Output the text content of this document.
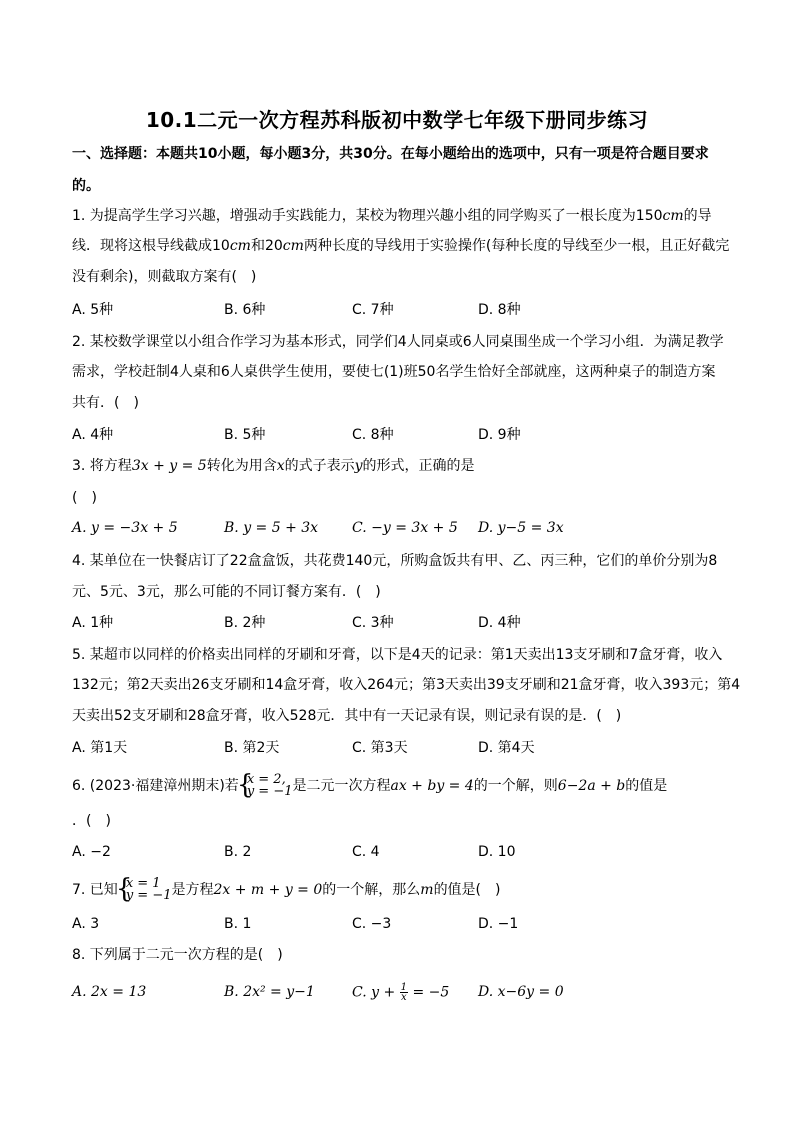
10.1二元一次方程苏科版初中数学七年级下册同步练习
一、选择题：本题共10小题，每小题3分，共30分。在每小题给出的选项中，只有一项是符合题目要求
的。
1. 为提高学生学习兴趣，增强动手实践能力，某校为物理兴趣小组的同学购买了一根长度为150cm的导
线．现将这根导线截成10cm和20cm两种长度的导线用于实验操作(每种长度的导线至少一根，且正好截完
没有剩余)，则截取方案有(　)
A. 5种	B. 6种	C. 7种	D. 8种
2. 某校数学课堂以小组合作学习为基本形式，同学们4人同桌或6人同桌围坐成一个学习小组．为满足教学
需求，学校赶制4人桌和6人桌供学生使用，要使七(1)班50名学生恰好全部就座，这两种桌子的制造方案
共有．(　)
A. 4种	B. 5种	C. 8种	D. 9种
3. 将方程3x + y = 5转化为用含x的式子表示y的形式，正确的是
(　)
A. y = −3x + 5	B. y = 5 + 3x C. −y = 3x + 5 D. y−5 = 3x
4. 某单位在一快餐店订了22盒盒饭，共花费140元，所购盒饭共有甲、乙、丙三种，它们的单价分别为8
元、5元、3元，那么可能的不同订餐方案有．(　)
A. 1种	B. 2种	C. 3种	D. 4种
5. 某超市以同样的价格卖出同样的牙刷和牙膏，以下是4天的记录：第1天卖出13支牙刷和7盒牙膏，收入
132元；第2天卖出26支牙刷和14盒牙膏，收入264元；第3天卖出39支牙刷和21盒牙膏，收入393元；第4
天卖出52支牙刷和28盒牙膏，收入528元．其中有一天记录有误，则记录有误的是．(　)
A. 第1天	B. 第2天	C. 第3天	D. 第4天
6. (2023·福建漳州期末)若 { x = 2,
y = −1 是二元一次方程ax + by = 4的一个解，则6−2a + b的值是
．(　)
A. −2	B. 2	C. 4	D. 10
7. 已知 { x = 1
y = −1 是方程2x + m + y = 0的一个解，那么m的值是(　)
A. 3	B. 1	C. −3	D. −1
8. 下列属于二元一次方程的是(　)
A. 2x = 13	B. 2x² = y−1	C. $y + \frac{1}{x} = -5$ D. x−6y = 0
